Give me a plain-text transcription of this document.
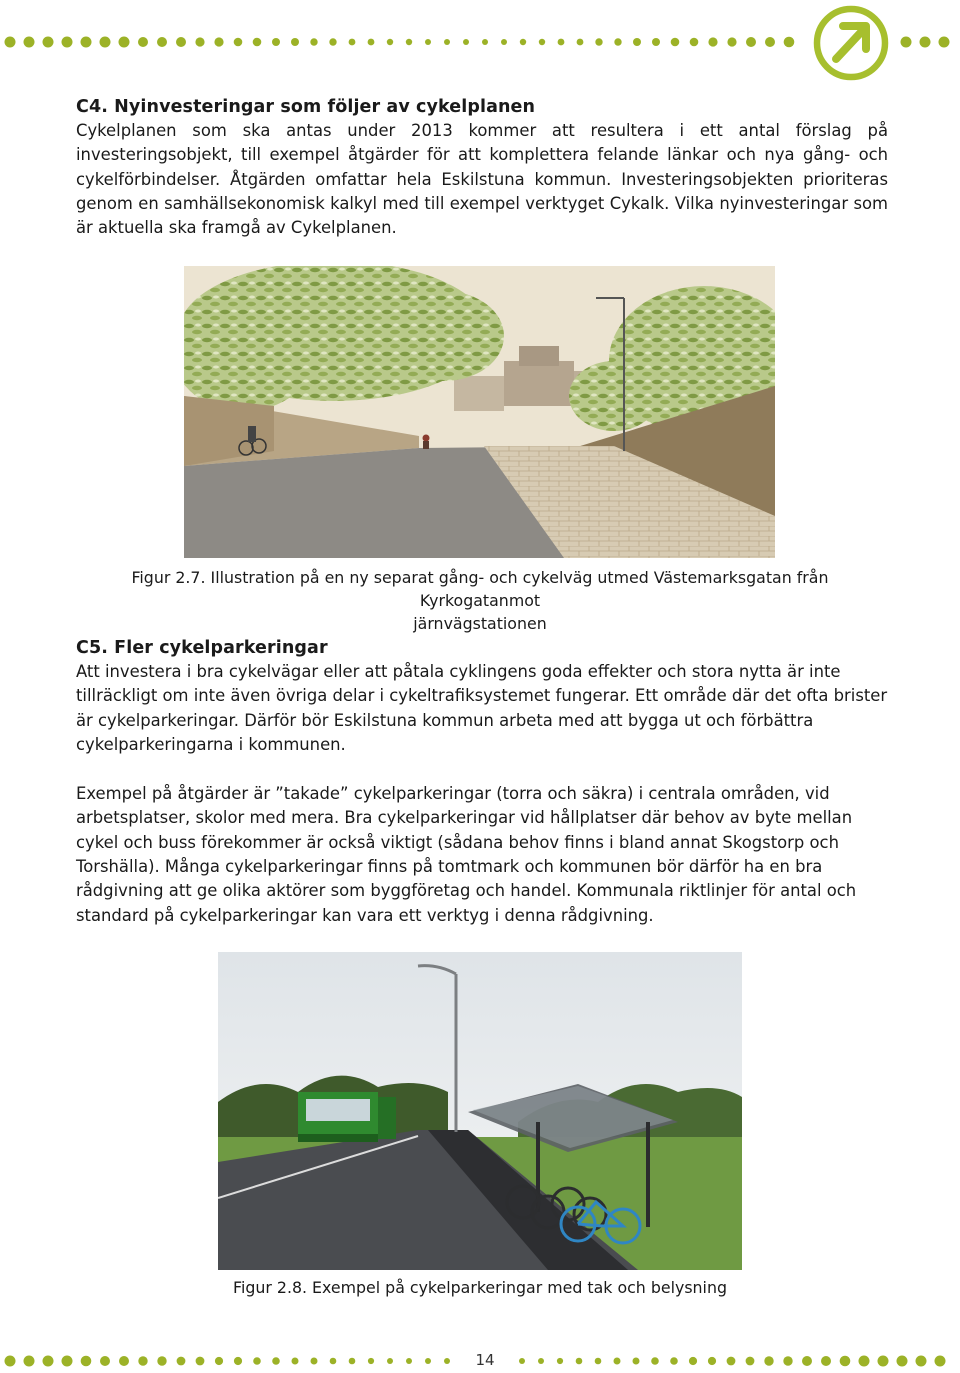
C4. Nyinvesteringar som följer av cykelplanen

Cykelplanen som ska antas under 2013 kommer att resultera i ett antal förslag på investeringsobjekt, till exempel åtgärder för att komplettera felande länkar och nya gång- och cykelförbindelser. Åtgärden omfattar hela Eskilstuna kommun. Investeringsobjekten prioriteras genom en samhällsekonomisk kalkyl med till exempel verktyget Cykalk. Vilka nyinvesteringar som är aktuella ska framgå av Cykelplanen.

Figur 2.7. Illustration på en ny separat gång- och cykelväg utmed Västemarksgatan från Kyrkogatanmot
järnvägstationen
C5. Fler cykelparkeringar

Att investera i bra cykelvägar eller att påtala cyklingens goda effekter och stora nytta är inte tillräckligt om inte även övriga delar i cykeltrafiksystemet fungerar. Ett område där det ofta brister är cykelparkeringar. Därför bör Eskilstuna kommun arbeta med att bygga ut och förbättra cykelparkeringarna i kommunen.

Exempel på åtgärder är ”takade” cykelparkeringar (torra och säkra) i centrala områden, vid arbetsplatser, skolor med mera. Bra cykelparkeringar vid hållplatser där behov av byte mellan cykel och buss förekommer är också viktigt (sådana behov finns i bland annat Skogstorp och Torshälla). Många cykelparkeringar finns på tomtmark och kommunen bör därför ha en bra rådgivning att ge olika aktörer som byggföretag och handel. Kommunala riktlinjer för antal och standard på cykelparkeringar kan vara ett verktyg i denna rådgivning.

Figur 2.8. Exempel på cykelparkeringar med tak och belysning
14
